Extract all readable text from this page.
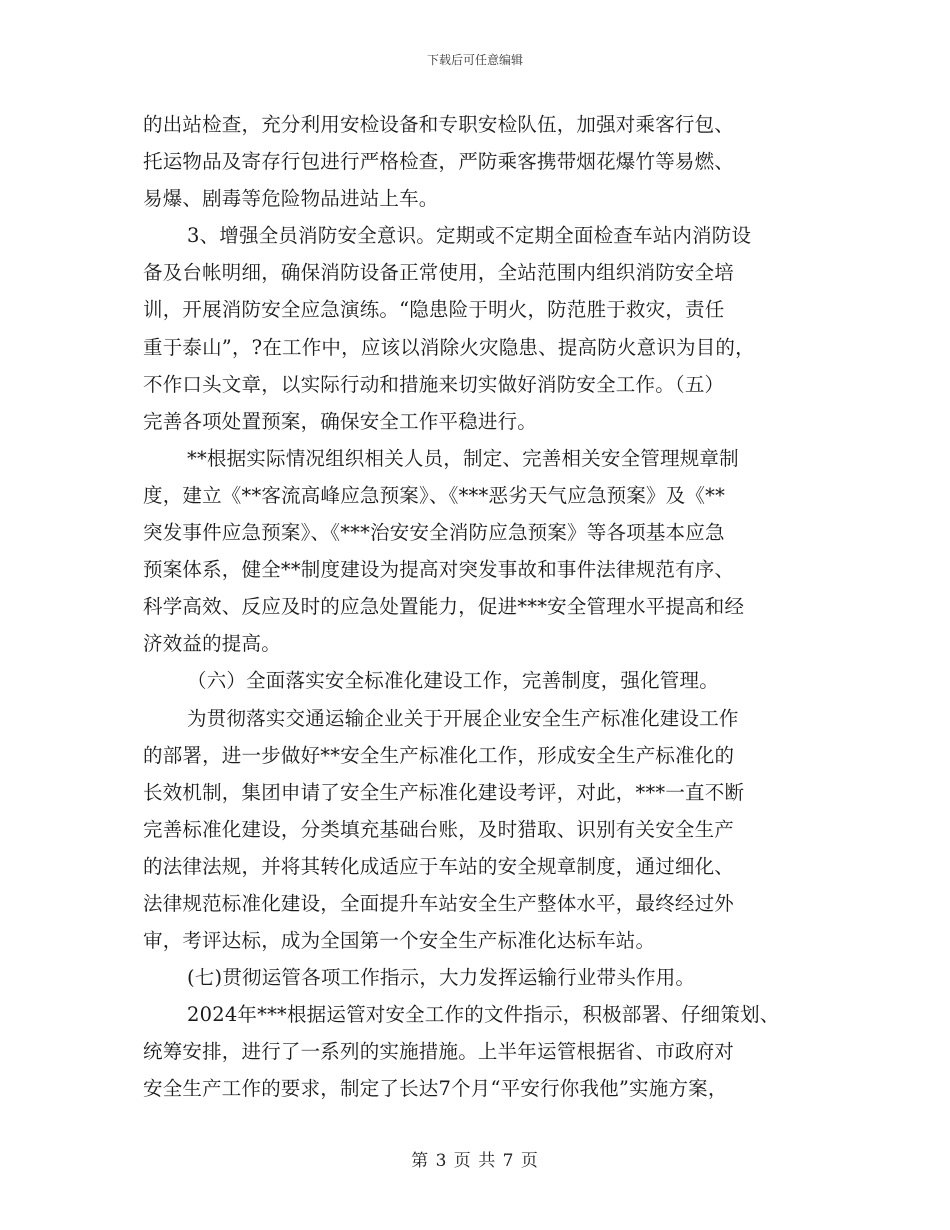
下载后可任意编辑
的出站检查，充分利用安检设备和专职安检队伍，加强对乘客行包、
托运物品及寄存行包进行严格检查，严防乘客携带烟花爆竹等易燃、
易爆、剧毒等危险物品进站上车。
3、增强全员消防安全意识。定期或不定期全面检查车站内消防设
备及台帐明细，确保消防设备正常使用，全站范围内组织消防安全培
训，开展消防安全应急演练。“隐患险于明火，防范胜于救灾，责任
重于泰山”，?在工作中，应该以消除火灾隐患、提高防火意识为目的，
不作口头文章，以实际行动和措施来切实做好消防安全工作。（五）
完善各项处置预案，确保安全工作平稳进行。
**根据实际情况组织相关人员，制定、完善相关安全管理规章制
度，建立《**客流高峰应急预案》、《***恶劣天气应急预案》及《**
突发事件应急预案》、《***治安安全消防应急预案》等各项基本应急
预案体系，健全**制度建设为提高对突发事故和事件法律规范有序、
科学高效、反应及时的应急处置能力，促进***安全管理水平提高和经
济效益的提高。
（六）全面落实安全标准化建设工作，完善制度，强化管理。
为贯彻落实交通运输企业关于开展企业安全生产标准化建设工作
的部署，进一步做好**安全生产标准化工作，形成安全生产标准化的
长效机制，集团申请了安全生产标准化建设考评，对此，***一直不断
完善标准化建设，分类填充基础台账，及时猎取、识别有关安全生产
的法律法规，并将其转化成适应于车站的安全规章制度，通过细化、
法律规范标准化建设，全面提升车站安全生产整体水平，最终经过外
审，考评达标，成为全国第一个安全生产标准化达标车站。
(七)贯彻运管各项工作指示，大力发挥运输行业带头作用。
2024年***根据运管对安全工作的文件指示，积极部署、仔细策划、
统筹安排，进行了一系列的实施措施。上半年运管根据省、市政府对
安全生产工作的要求，制定了长达7个月“平安行你我他”实施方案，
第 3 页 共 7 页
